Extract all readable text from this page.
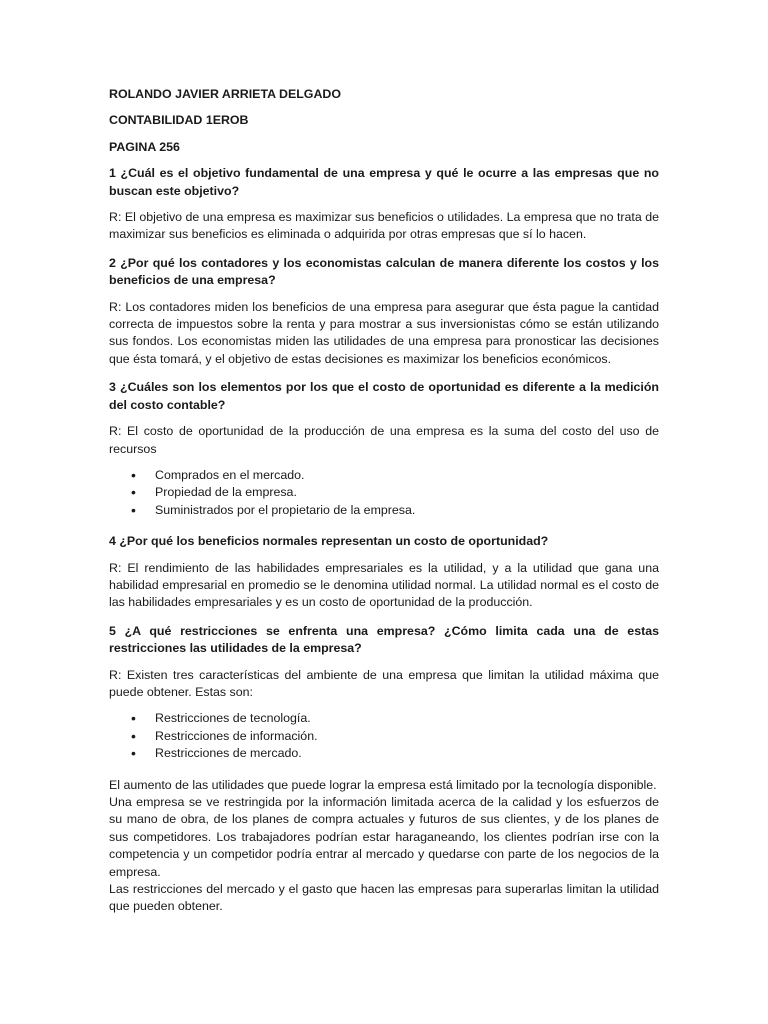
ROLANDO JAVIER ARRIETA DELGADO

CONTABILIDAD 1EROB

PAGINA 256

1 ¿Cuál es el objetivo fundamental de una empresa y qué le ocurre a las empresas que no buscan este objetivo?

R: El objetivo de una empresa es maximizar sus beneficios o utilidades. La empresa que no trata de maximizar sus beneficios es eliminada o adquirida por otras empresas que sí lo hacen.

2 ¿Por qué los contadores y los economistas calculan de manera diferente los costos y los beneficios de una empresa?

R: Los contadores miden los beneficios de una empresa para asegurar que ésta pague la cantidad correcta de impuestos sobre la renta y para mostrar a sus inversionistas cómo se están utilizando sus fondos. Los economistas miden las utilidades de una empresa para pronosticar las decisiones que ésta tomará, y el objetivo de estas decisiones es maximizar los beneficios económicos.

3 ¿Cuáles son los elementos por los que el costo de oportunidad es diferente a la medición del costo contable?

R: El costo de oportunidad de la producción de una empresa es la suma del costo del uso de recursos

• Comprados en el mercado.
• Propiedad de la empresa.
• Suministrados por el propietario de la empresa.

4 ¿Por qué los beneficios normales representan un costo de oportunidad?

R: El rendimiento de las habilidades empresariales es la utilidad, y a la utilidad que gana una habilidad empresarial en promedio se le denomina utilidad normal. La utilidad normal es el costo de las habilidades empresariales y es un costo de oportunidad de la producción.

5 ¿A qué restricciones se enfrenta una empresa? ¿Cómo limita cada una de estas restricciones las utilidades de la empresa?

R: Existen tres características del ambiente de una empresa que limitan la utilidad máxima que puede obtener. Estas son:

• Restricciones de tecnología.
• Restricciones de información.
• Restricciones de mercado.

El aumento de las utilidades que puede lograr la empresa está limitado por la tecnología disponible.

Una empresa se ve restringida por la información limitada acerca de la calidad y los esfuerzos de su mano de obra, de los planes de compra actuales y futuros de sus clientes, y de los planes de sus competidores. Los trabajadores podrían estar haraganeando, los clientes podrían irse con la competencia y un competidor podría entrar al mercado y quedarse con parte de los negocios de la empresa.

Las restricciones del mercado y el gasto que hacen las empresas para superarlas limitan la utilidad que pueden obtener.
